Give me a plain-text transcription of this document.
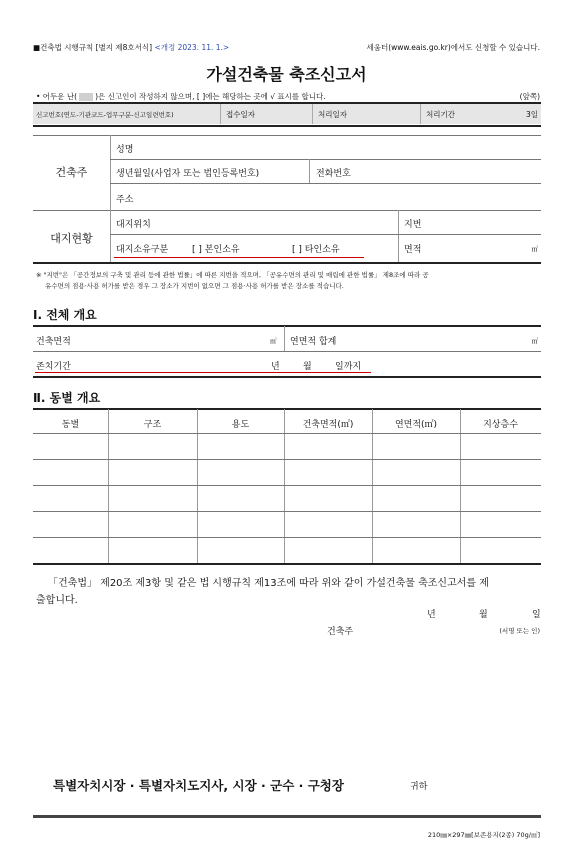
■건축법 시행규칙 [별지 제8호서식] <개정 2023. 11. 1.>	세움터(www.eais.go.kr)에서도 신청할 수 있습니다.
가설건축물 축조신고서
• 어두운 난( )은 신고인이 작성하지 않으며, [ ]에는 해당하는 곳에 √ 표시를 합니다.	(앞쪽)
신고번호(연도-기관코드-업무구분-신고일련번호)	접수일자	처리일자	처리기간	3일
건축주
성명
생년월일(사업자 또는 법인등록번호)	전화번호
주소
대지현황
대지위치	지번
대지소유구분	[ ] 본인소유	[ ] 타인소유	면적	㎡
※ "지번"은 「공간정보의 구축 및 관리 등에 관한 법률」에 따른 지번을 적으며, 「공유수면의 관리 및 매립에 관한 법률」 제8조에 따라 공
유수면의 점용·사용 허가를 받은 경우 그 장소가 지번이 없으면 그 점용·사용 허가를 받은 장소를 적습니다.
Ⅰ. 전체 개요
건축면적	㎡ 연면적 합계	㎡
존치기간	년	월	일까지
Ⅱ. 동별 개요
동별	구조	용도	건축면적(㎡)	연면적(㎡)	지상층수
「건축법」 제20조 제3항 및 같은 법 시행규칙 제13조에 따라 위와 같이 가설건축물 축조신고서를 제
출합니다.
년	월	일
건축주	(서명 또는 인)
특별자치시장 · 특별자치도지사, 시장 · 군수 · 구청장	귀하
210㎜×297㎜[보존용지(2종) 70g/㎡]
